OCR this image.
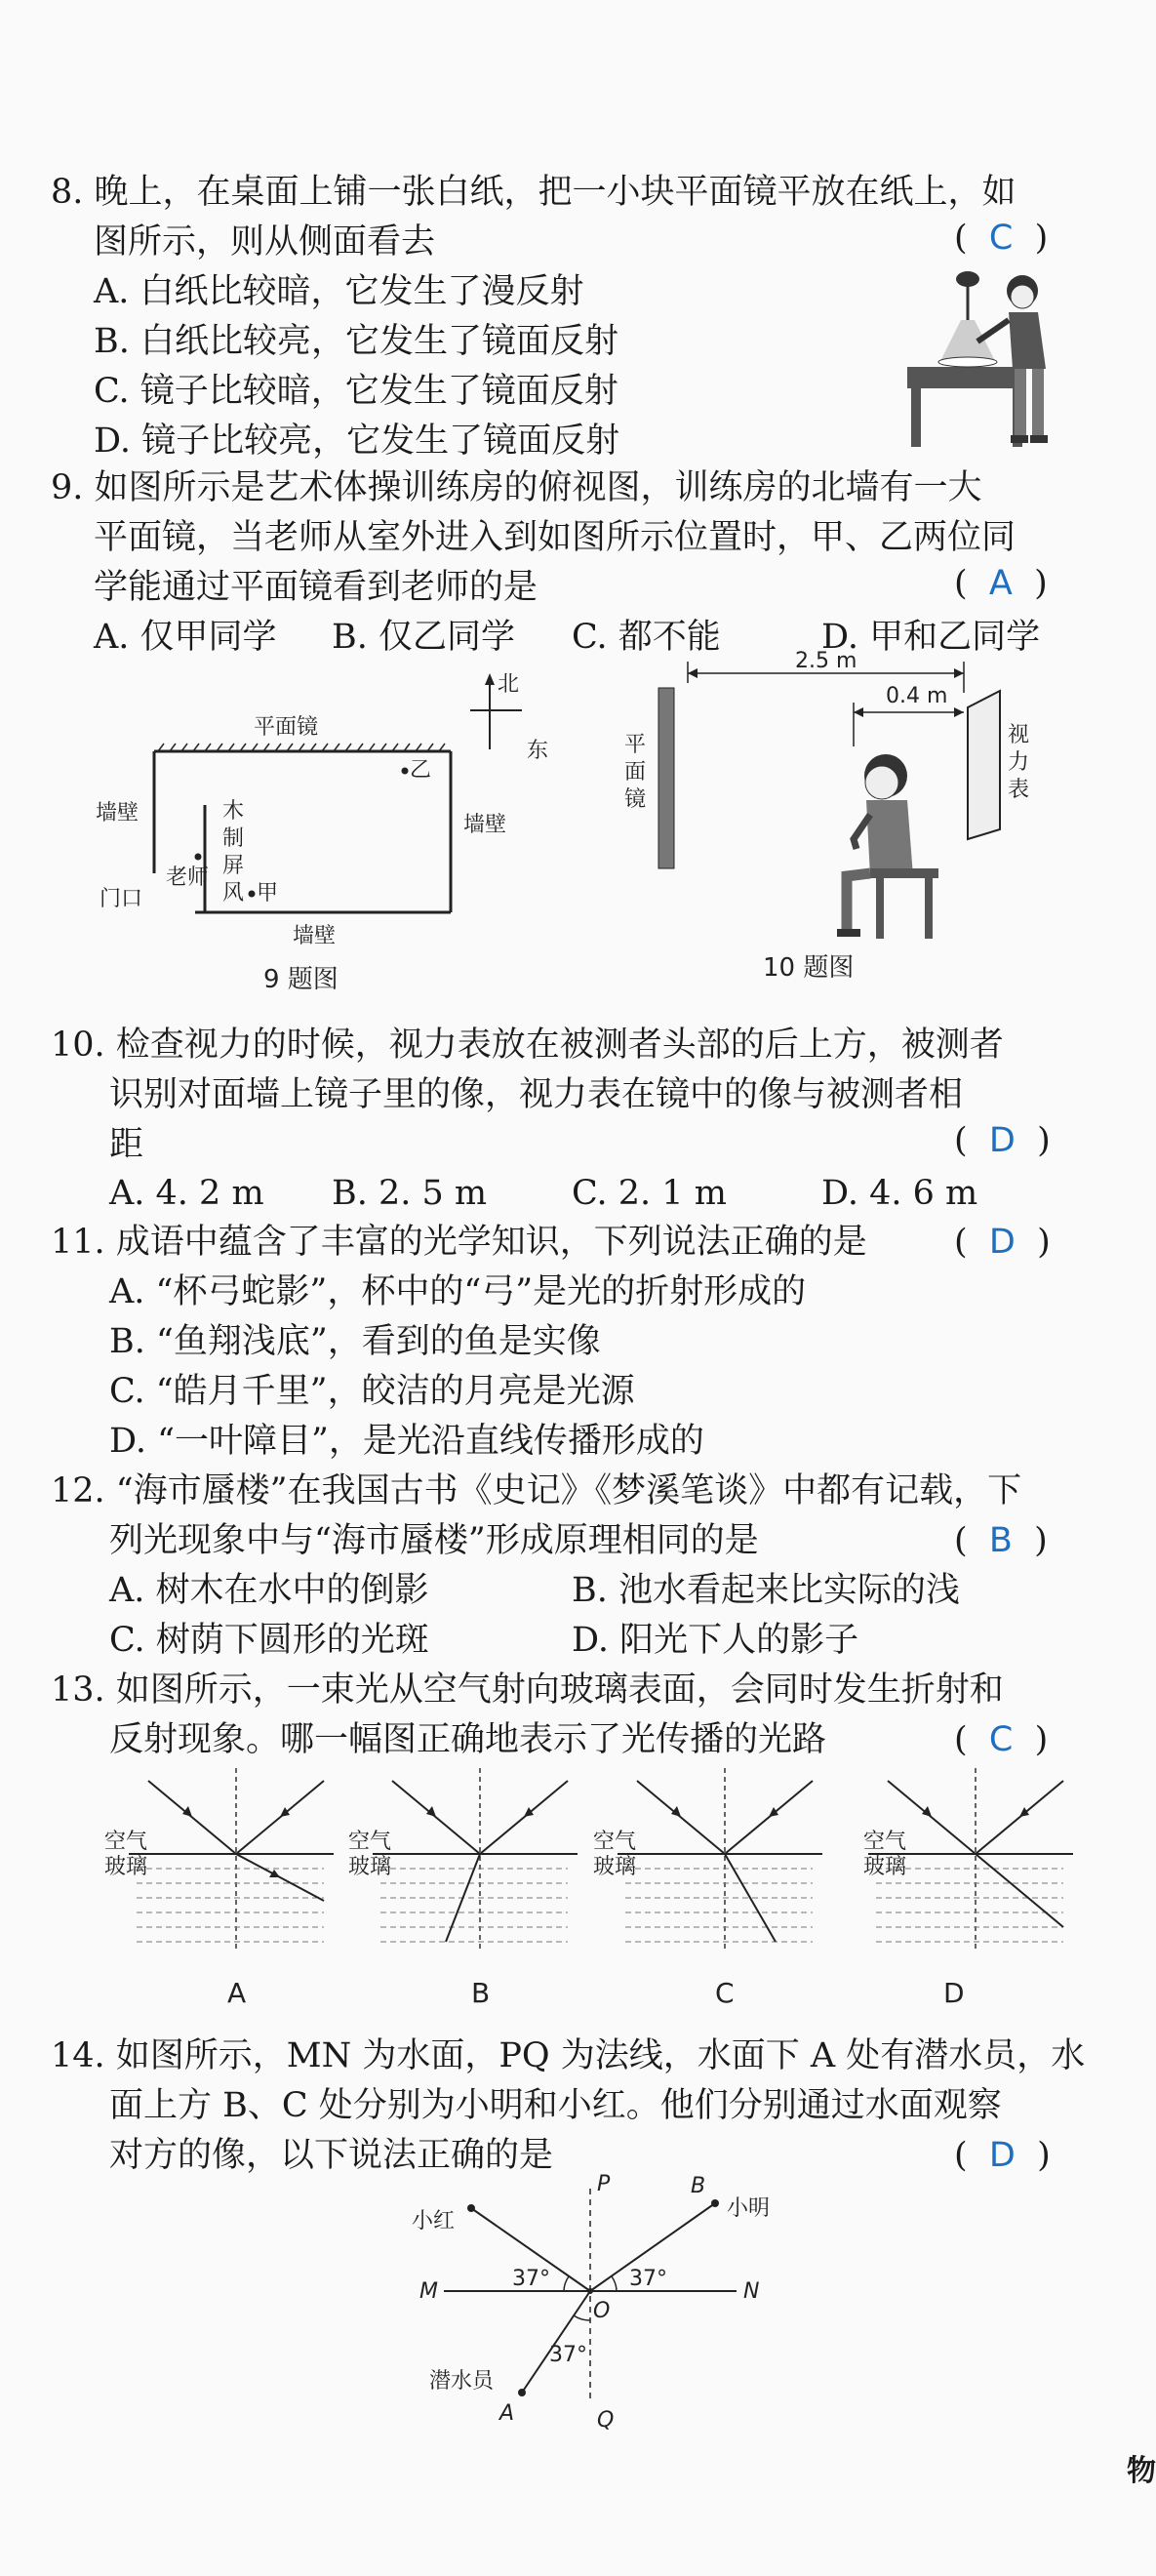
8. 晚上，在桌面上铺一张白纸，把一小块平面镜平放在纸上，如
图所示，则从侧面看去	(  C  )
A. 白纸比较暗，它发生了漫反射
B. 白纸比较亮，它发生了镜面反射
C. 镜子比较暗，它发生了镜面反射
D. 镜子比较亮，它发生了镜面反射
9. 如图所示是艺术体操训练房的俯视图，训练房的北墙有一大
平面镜，当老师从室外进入到如图所示位置时，甲、乙两位同
学能通过平面镜看到老师的是	(  A  )
A. 仅甲同学 B. 仅乙同学 C. 都不能	D. 甲和乙同学
平面镜
北
东
乙
墙壁	墙壁
墙壁
门口
老师
木
制
屏
风 甲
9 题图
2.5 m
0.4 m
视
力
表
平
面
镜
10 题图
10. 检查视力的时候，视力表放在被测者头部的后上方，被测者
识别对面墙上镜子里的像，视力表在镜中的像与被测者相
距	(  D  )
A. 4. 2 m B. 2. 5 m C. 2. 1 m	D. 4. 6 m
11. 成语中蕴含了丰富的光学知识，下列说法正确的是	(  D  )
A. “杯弓蛇影”，杯中的“弓”是光的折射形成的
B. “鱼翔浅底”，看到的鱼是实像
C. “皓月千里”，皎洁的月亮是光源
D. “一叶障目”，是光沿直线传播形成的
12. “海市蜃楼”在我国古书《史记》《梦溪笔谈》中都有记载，下
列光现象中与“海市蜃楼”形成原理相同的是	(  B  )
A. 树木在水中的倒影	B. 池水看起来比实际的浅
C. 树荫下圆形的光斑	D. 阳光下人的影子
13. 如图所示，一束光从空气射向玻璃表面，会同时发生折射和
反射现象。哪一幅图正确地表示了光传播的光路	(  C  )
空气
玻璃
A
空气
玻璃
B
空气
玻璃
C
空气
玻璃
D
14. 如图所示，MN 为水面，PQ 为法线，水面下 A 处有潜水员，水
面上方 B、C 处分别为小明和小红。他们分别通过水面观察
对方的像，以下说法正确的是	(  D  )
M	N
P
Q
O
A
B
小红
小明
潜水员
37°	37°
37°
物
